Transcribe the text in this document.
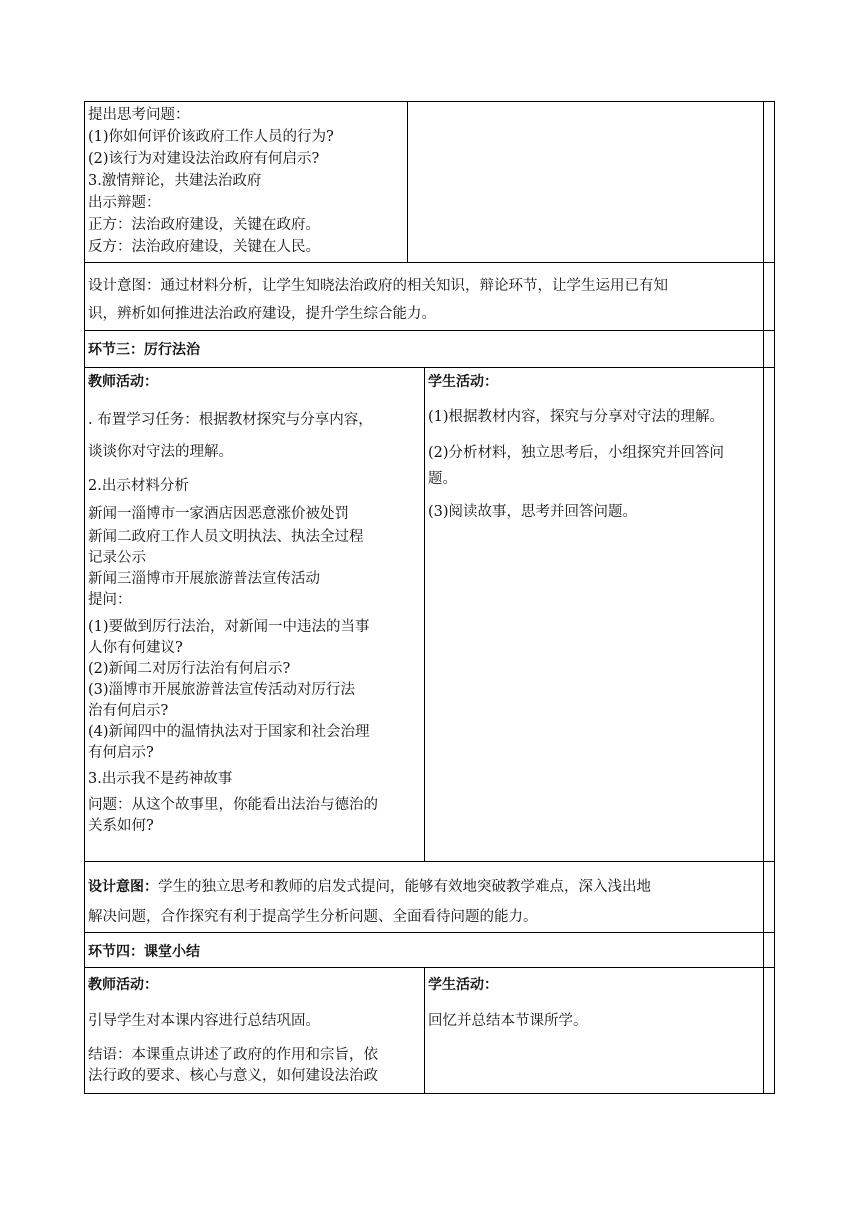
提出思考问题：
(1)你如何评价该政府工作人员的行为?
(2)该行为对建设法治政府有何启示?
3.激情辩论，共建法治政府
出示辩题：
正方：法治政府建设，关键在政府。
反方：法治政府建设，关键在人民。
设计意图：通过材料分析，让学生知晓法治政府的相关知识，辩论环节，让学生运用已有知
识，辨析如何推进法治政府建设，提升学生综合能力。
环节三：厉行法治
教师活动：
. 布置学习任务：根据教材探究与分享内容，
谈谈你对守法的理解。
2.出示材料分析
新闻一淄博市一家酒店因恶意涨价被处罚
新闻二政府工作人员文明执法、执法全过程
记录公示
新闻三淄博市开展旅游普法宣传活动
提问：
(1)要做到厉行法治，对新闻一中违法的当事
人你有何建议?
(2)新闻二对厉行法治有何启示?
(3)淄博市开展旅游普法宣传活动对厉行法
治有何启示?
(4)新闻四中的温情执法对于国家和社会治理
有何启示?
3.出示我不是药神故事
问题：从这个故事里，你能看出法治与德治的
关系如何?
学生活动：
(1)根据教材内容，探究与分享对守法的理解。
(2)分析材料，独立思考后，小组探究并回答问
题。
(3)阅读故事，思考并回答问题。
设计意图：学生的独立思考和教师的启发式提问，能够有效地突破教学难点，深入浅出地
解决问题，合作探究有利于提高学生分析问题、全面看待问题的能力。
环节四：课堂小结
教师活动：
引导学生对本课内容进行总结巩固。
结语：本课重点讲述了政府的作用和宗旨，依
法行政的要求、核心与意义，如何建设法治政
学生活动：
回忆并总结本节课所学。
